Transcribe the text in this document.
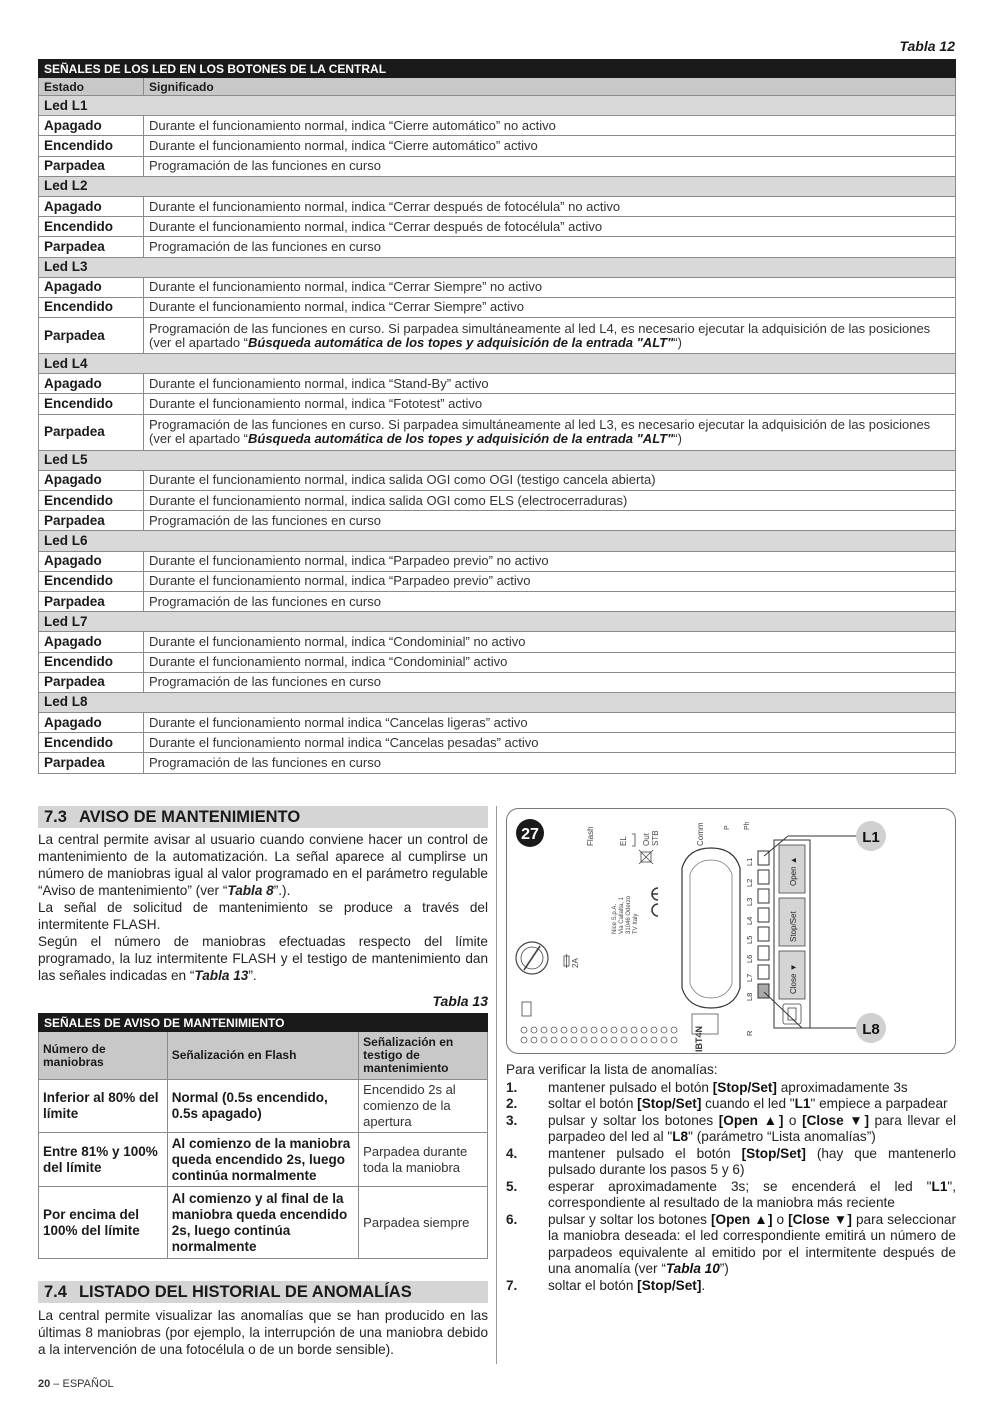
Tabla 12
SEÑALES DE LOS LED EN LOS BOTONES DE LA CENTRAL	
Estado	Significado
Led L1	
Apagado	Durante el funcionamiento normal, indica “Cierre automático” no activo
Encendido	Durante el funcionamiento normal, indica “Cierre automático” activo
Parpadea	Programación de las funciones en curso
Led L2	
Apagado	Durante el funcionamiento normal, indica “Cerrar después de fotocélula” no activo
Encendido	Durante el funcionamiento normal, indica “Cerrar después de fotocélula” activo
Parpadea	Programación de las funciones en curso
Led L3	
Apagado	Durante el funcionamiento normal, indica “Cerrar Siempre” no activo
Encendido	Durante el funcionamiento normal, indica “Cerrar Siempre” activo
Parpadea	Programación de las funciones en curso. Si parpadea simultáneamente al led L4, es necesario ejecutar la adquisición de las posiciones (ver el apartado “Búsqueda automática de los topes y adquisición de la entrada "ALT"“)
Led L4	
Apagado	Durante el funcionamiento normal, indica “Stand-By” activo
Encendido	Durante el funcionamiento normal, indica “Fototest” activo
Parpadea	Programación de las funciones en curso. Si parpadea simultáneamente al led L3, es necesario ejecutar la adquisición de las posiciones (ver el apartado “Búsqueda automática de los topes y adquisición de la entrada "ALT"“)
Led L5	
Apagado	Durante el funcionamiento normal, indica salida OGI como OGI (testigo cancela abierta)
Encendido	Durante el funcionamiento normal, indica salida OGI como ELS (electrocerraduras)
Parpadea	Programación de las funciones en curso
Led L6	
Apagado	Durante el funcionamiento normal, indica “Parpadeo previo” no activo
Encendido	Durante el funcionamiento normal, indica “Parpadeo previo” activo
Parpadea	Programación de las funciones en curso
Led L7	
Apagado	Durante el funcionamiento normal, indica “Condominial” no activo
Encendido	Durante el funcionamiento normal, indica “Condominial” activo
Parpadea	Programación de las funciones en curso
Led L8	
Apagado	Durante el funcionamiento normal indica “Cancelas ligeras” activo
Encendido	Durante el funcionamiento normal indica “Cancelas pesadas” activo
Parpadea	Programación de las funciones en curso
7.3 AVISO DE MANTENIMIENTO

La central permite avisar al usuario cuando conviene hacer un control de mantenimiento de la automatización. La señal aparece al cumplirse un número de maniobras igual al valor programado en el parámetro regulable “Aviso de mantenimiento” (ver “Tabla 8”.).

La señal de solicitud de mantenimiento se produce a través del intermitente FLASH.

Según el número de maniobras efectuadas respecto del límite programado, la luz intermitente FLASH y el testigo de mantenimiento dan las señales indicadas en “Tabla 13”.

Tabla 13
SEÑALES DE AVISO DE MANTENIMIENTO		
Número de maniobras	Señalización en Flash	Señalización en testigo de mantenimiento
Inferior al 80% del límite	Normal (0.5s encendido, 0.5s apagado)	Encendido 2s al comienzo de la apertura
Entre 81% y 100% del límite	Al comienzo de la maniobra queda encendido 2s, luego continúa normalmente	Parpadea durante toda la maniobra
Por encima del 100% del límite	Al comienzo y al final de la maniobra queda encendido 2s, luego continúa normalmente	Parpadea siempre
7.4 LISTADO DEL HISTORIAL DE ANOMALÍAS

La central permite visualizar las anomalías que se han producido en las últimas 8 maniobras (por ejemplo, la interrupción de una maniobra debido a la intervención de una fotocélula o de un borde sensible).

27	Flash	EL Out STB	Comm	P Ph
Nice S.p.A. Via Callalta, 1 31046 Oderzo TV Italy
IBT4N
2A
L1
L2
L3
L4
L5
L6
L7
L8
R
Open ▲
Stop/Set
Close ▼
L1
L8

Para verificar la lista de anomalías:

1.	mantener pulsado el botón [Stop/Set] aproximadamente 3s
2.	soltar el botón [Stop/Set] cuando el led "L1" empiece a parpadear
3.	pulsar y soltar los botones [Open ▲] o [Close ▼] para llevar el parpadeo del led al "L8" (parámetro “Lista anomalías”)
4.	mantener pulsado el botón [Stop/Set] (hay que mantenerlo pulsado durante los pasos 5 y 6)
5.	esperar aproximadamente 3s; se encenderá el led "L1", correspondiente al resultado de la maniobra más reciente
6.	pulsar y soltar los botones [Open ▲] o [Close ▼] para seleccionar la maniobra deseada: el led correspondiente emitirá un número de parpadeos equivalente al emitido por el intermitente después de una anomalía (ver “Tabla 10”)
7.	soltar el botón [Stop/Set].
20 – ESPAÑOL
